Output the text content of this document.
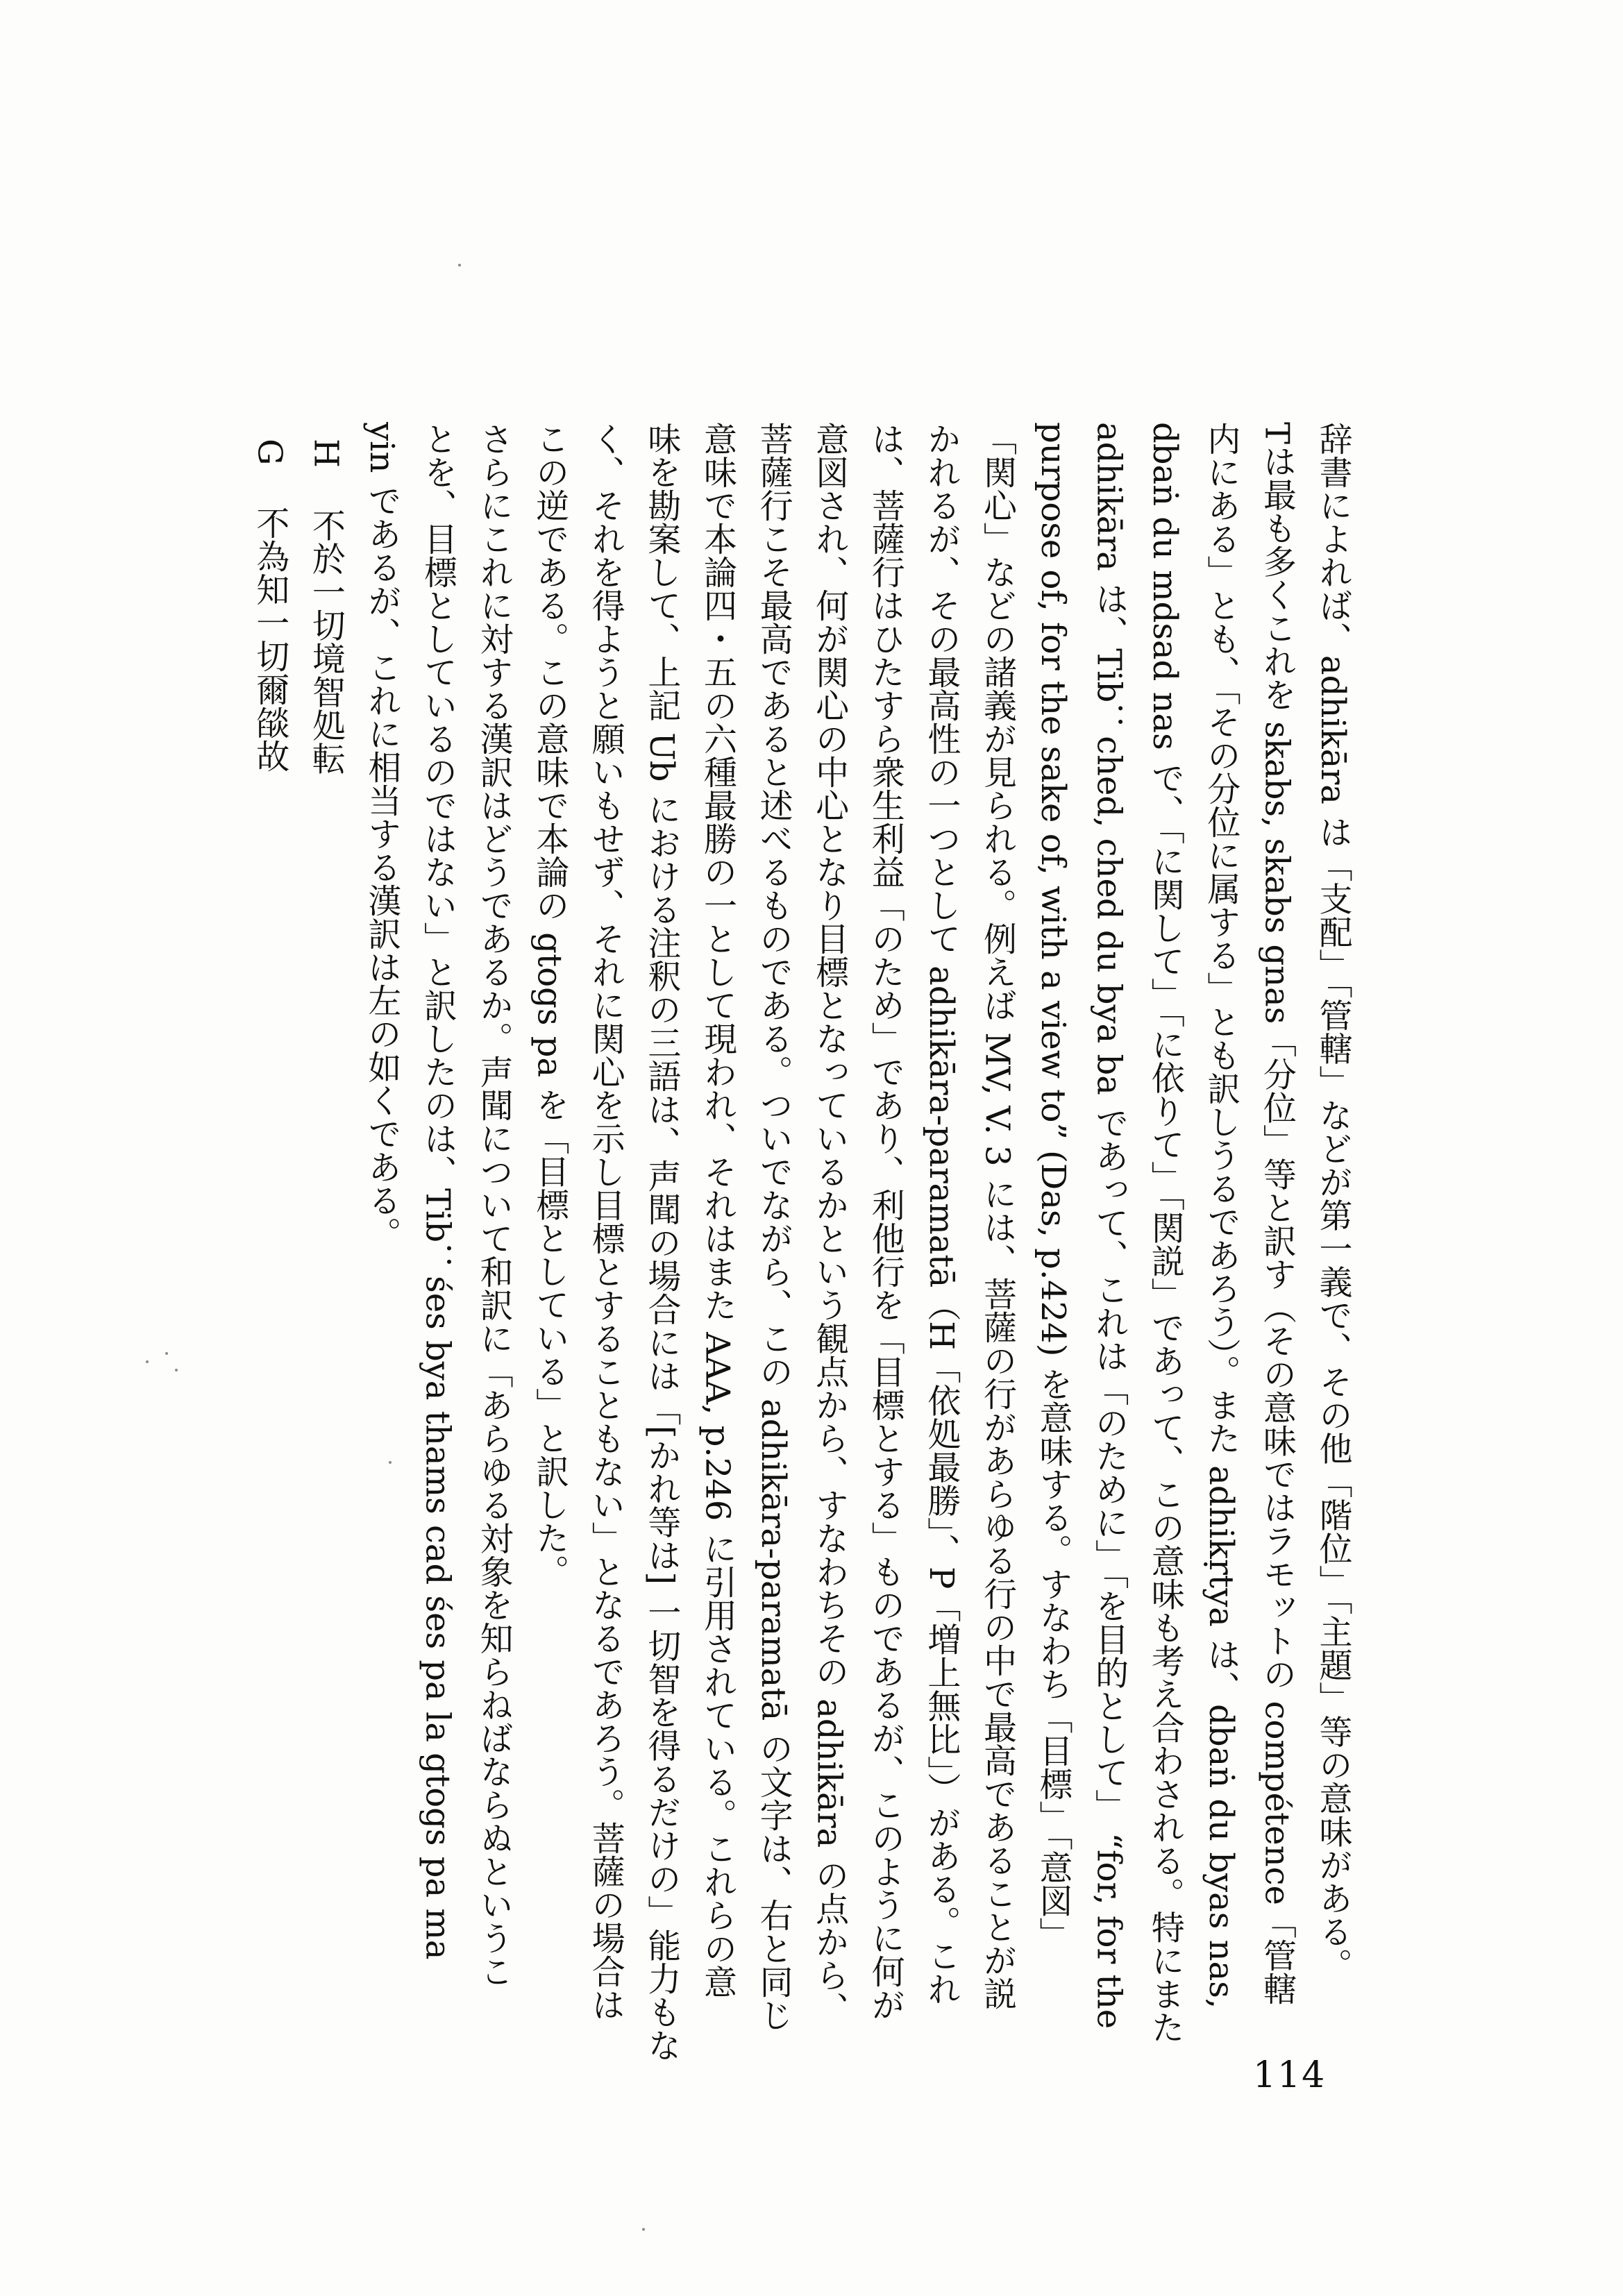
辞書によれば、adhikāra は「支配」「管轄」などが第一義で、その他「階位」「主題」等の意味がある。
Tは最も多くこれを skabs, skabs gnas「分位」等と訳す（その意味ではラモットの compétence「管轄
内にある」とも、「その分位に属する」とも訳しうるであろう）。また adhikṛtya は、dbaṅ du byas nas,
dbaṅ du mdsad nas で、「に関して」「に依りて」「関説」であって、この意味も考え合わされる。特にまた
adhikāra は、Tib：ched, ched du bya ba であって、これは「のために」「を目的として」 “for, for the
purpose of, for the sake of, with a view to” (Das, p.424) を意味する。すなわち「目標」「意図」
「関心」などの諸義が見られる。例えば MV, V. 3 には、菩薩の行があらゆる行の中で最高であることが説
かれるが、その最高性の一つとして adhikāra-paramatā（H「依処最勝」、P「増上無比」）がある。これ
は、菩薩行はひたすら衆生利益「のため」であり、利他行を「目標とする」ものであるが、このように何が
意図され、何が関心の中心となり目標となっているかという観点から、すなわちその adhikāra の点から、
菩薩行こそ最高であると述べるものである。ついでながら、この adhikāra-paramatā の文字は、右と同じ
意味で本論四・五の六種最勝の一として現われ、それはまた AAA, p.246 に引用されている。これらの意
味を勘案して、上記 Ub における注釈の三語は、声聞の場合には「[かれ等は] 一切智を得るだけの」能力もな
く、それを得ようと願いもせず、それに関心を示し目標とすることもない」となるであろう。菩薩の場合は
この逆である。この意味で本論の gtogs pa を「目標としている」と訳した。
さらにこれに対する漢訳はどうであるか。声聞について和訳に「あらゆる対象を知らねばならぬというこ
とを、目標としているのではない」と訳したのは、Tib：śes bya thams cad śes pa la gtogs pa ma
yin であるが、これに相当する漢訳は左の如くである。
H 不於一切境智処転
G 不為知一切爾燄故
114
